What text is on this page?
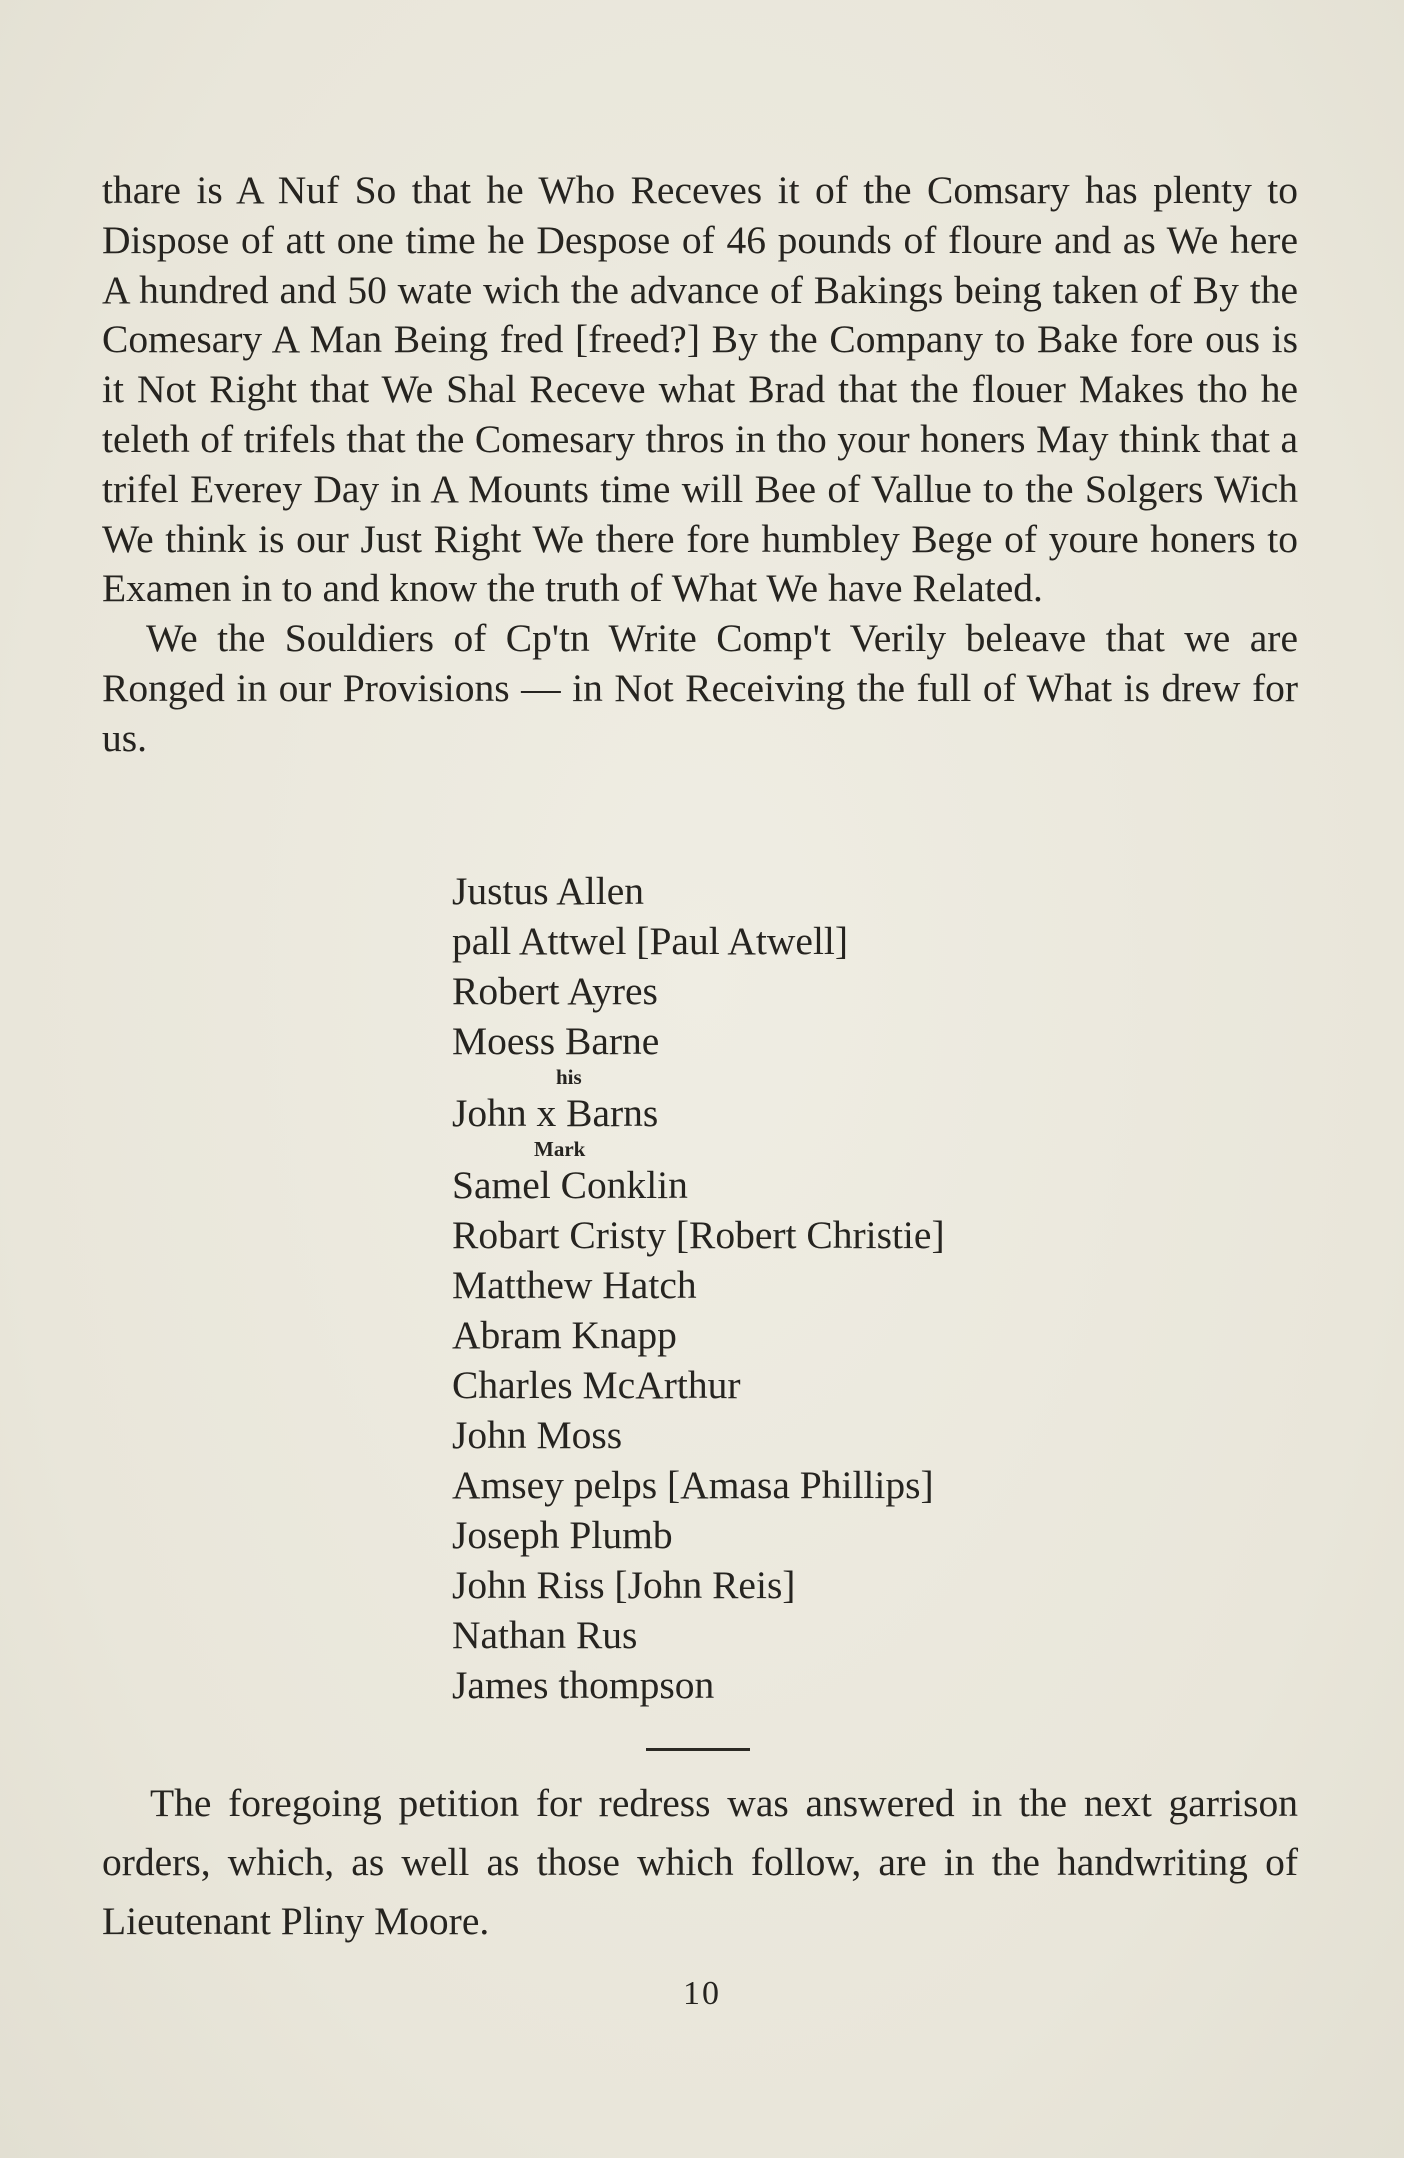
thare is A Nuf So that he Who Receves it of the Comsary has plenty to Dispose of att one time he Despose of 46 pounds of floure and as We here A hundred and 50 wate wich the advance of Bakings being taken of By the Comesary A Man Being fred [freed?] By the Company to Bake fore ous is it Not Right that We Shal Receve what Brad that the flouer Makes tho he teleth of trifels that the Comesary thros in tho your honers May think that a trifel Everey Day in A Mounts time will Bee of Vallue to the Solgers Wich We think is our Just Right We there fore humbley Bege of youre honers to Examen in to and know the truth of What We have Related.

We the Souldiers of Cp'tn Write Comp't Verily beleave that we are Ronged in our Provisions — in Not Receiving the full of What is drew for us.

Justus Allen
pall Attwel [Paul Atwell]
Robert Ayres
Moess Barne
his
John x Barns
Mark
Samel Conklin
Robart Cristy [Robert Christie]
Matthew Hatch
Abram Knapp
Charles McArthur
John Moss
Amsey pelps [Amasa Phillips]
Joseph Plumb
John Riss [John Reis]
Nathan Rus
James thompson

The foregoing petition for redress was answered in the next garrison orders, which, as well as those which follow, are in the handwriting of Lieutenant Pliny Moore.

10
